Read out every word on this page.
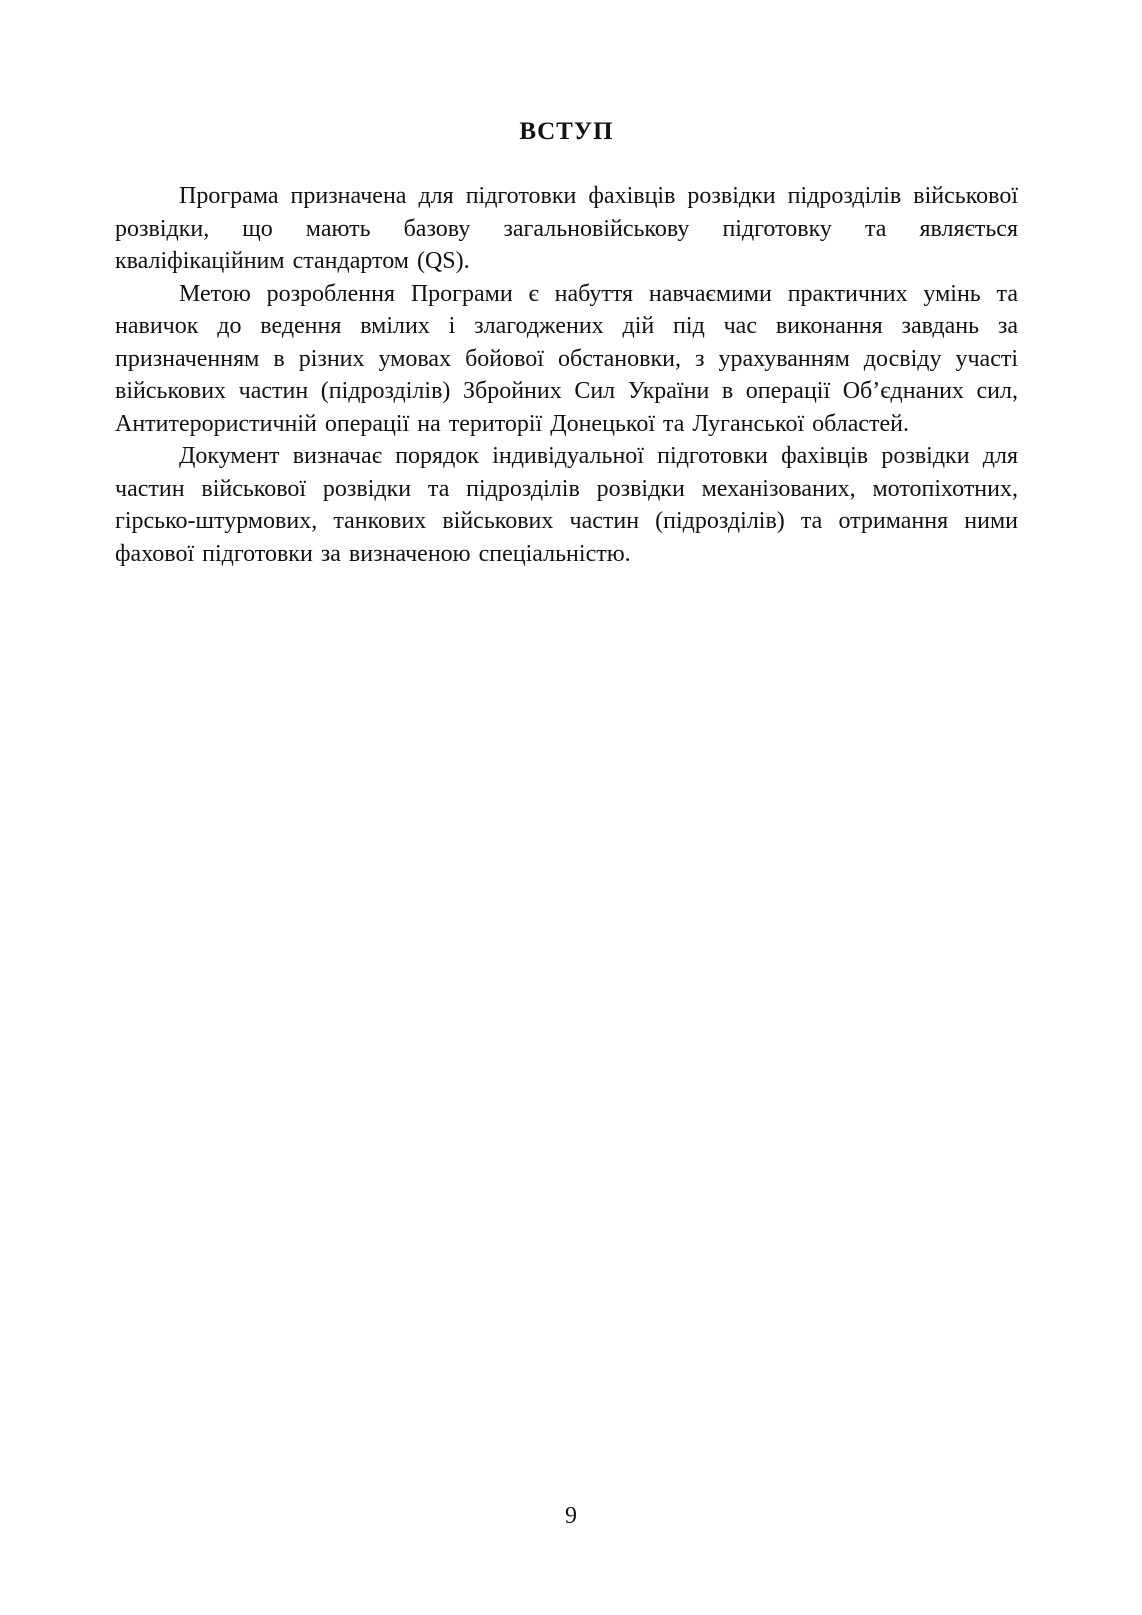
ВСТУП

Програма призначена для підготовки фахівців розвідки підрозділів військової розвідки, що мають базову загальновійськову підготовку та являється кваліфікаційним стандартом (QS).

Метою розроблення Програми є набуття навчаємими практичних умінь та навичок до ведення вмілих і злагоджених дій під час виконання завдань за призначенням в різних умовах бойової обстановки, з урахуванням досвіду участі військових частин (підрозділів) Збройних Сил України в операції Об’єднаних сил, Антитерористичній операції на території Донецької та Луганської областей.

Документ визначає порядок індивідуальної підготовки фахівців розвідки для частин військової розвідки та підрозділів розвідки механізованих, мотопіхотних, гірсько-штурмових, танкових військових частин (підрозділів) та отримання ними фахової підготовки за визначеною спеціальністю.

9
